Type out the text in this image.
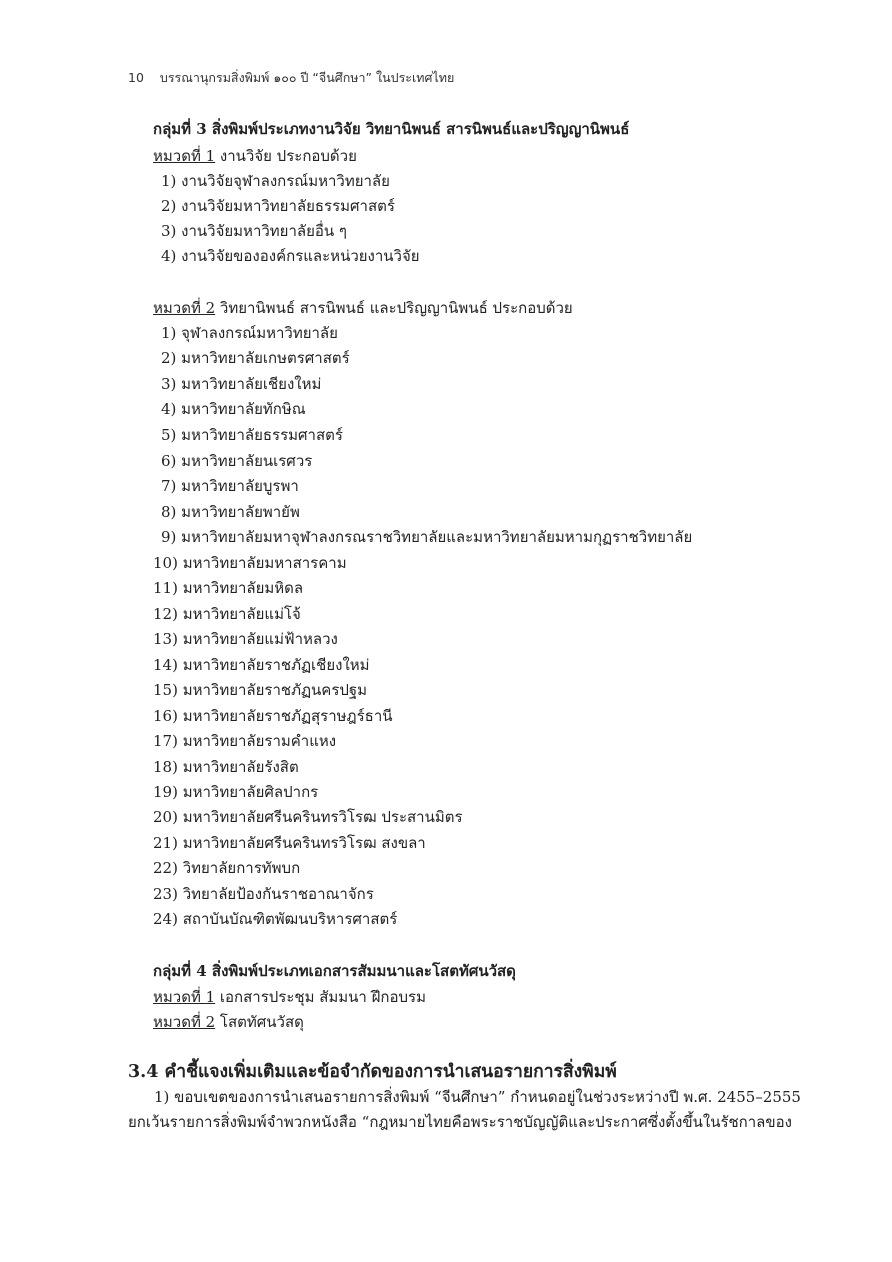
10 บรรณานุกรมสิ่งพิมพ์ ๑๐๐ ปี “จีนศึกษา” ในประเทศไทย
กลุ่มที่ 3 สิ่งพิมพ์ประเภทงานวิจัย วิทยานิพนธ์ สารนิพนธ์และปริญญานิพนธ์
หมวดที่ 1 งานวิจัย ประกอบด้วย
1) งานวิจัยจุฬาลงกรณ์มหาวิทยาลัย
2) งานวิจัยมหาวิทยาลัยธรรมศาสตร์
3) งานวิจัยมหาวิทยาลัยอื่น ๆ
4) งานวิจัยขององค์กรและหน่วยงานวิจัย
หมวดที่ 2 วิทยานิพนธ์ สารนิพนธ์ และปริญญานิพนธ์ ประกอบด้วย
1) จุฬาลงกรณ์มหาวิทยาลัย
2) มหาวิทยาลัยเกษตรศาสตร์
3) มหาวิทยาลัยเชียงใหม่
4) มหาวิทยาลัยทักษิณ
5) มหาวิทยาลัยธรรมศาสตร์
6) มหาวิทยาลัยนเรศวร
7) มหาวิทยาลัยบูรพา
8) มหาวิทยาลัยพายัพ
9) มหาวิทยาลัยมหาจุฬาลงกรณราชวิทยาลัยและมหาวิทยาลัยมหามกุฏราชวิทยาลัย
10) มหาวิทยาลัยมหาสารคาม
11) มหาวิทยาลัยมหิดล
12) มหาวิทยาลัยแม่โจ้
13) มหาวิทยาลัยแม่ฟ้าหลวง
14) มหาวิทยาลัยราชภัฏเชียงใหม่
15) มหาวิทยาลัยราชภัฏนครปฐม
16) มหาวิทยาลัยราชภัฏสุราษฎร์ธานี
17) มหาวิทยาลัยรามคำแหง
18) มหาวิทยาลัยรังสิต
19) มหาวิทยาลัยศิลปากร
20) มหาวิทยาลัยศรีนครินทรวิโรฒ ประสานมิตร
21) มหาวิทยาลัยศรีนครินทรวิโรฒ สงขลา
22) วิทยาลัยการทัพบก
23) วิทยาลัยป้องกันราชอาณาจักร
24) สถาบันบัณฑิตพัฒนบริหารศาสตร์
กลุ่มที่ 4 สิ่งพิมพ์ประเภทเอกสารสัมมนาและโสตทัศนวัสดุ
หมวดที่ 1 เอกสารประชุม สัมมนา ฝึกอบรม
หมวดที่ 2 โสตทัศนวัสดุ
3.4 คำชี้แจงเพิ่มเติมและข้อจำกัดของการนำเสนอรายการสิ่งพิมพ์
1) ขอบเขตของการนำเสนอรายการสิ่งพิมพ์ “จีนศึกษา” กำหนดอยู่ในช่วงระหว่างปี พ.ศ. 2455–2555
ยกเว้นรายการสิ่งพิมพ์จำพวกหนังสือ “กฎหมายไทยคือพระราชบัญญัติและประกาศซึ่งตั้งขึ้นในรัชกาลของ
